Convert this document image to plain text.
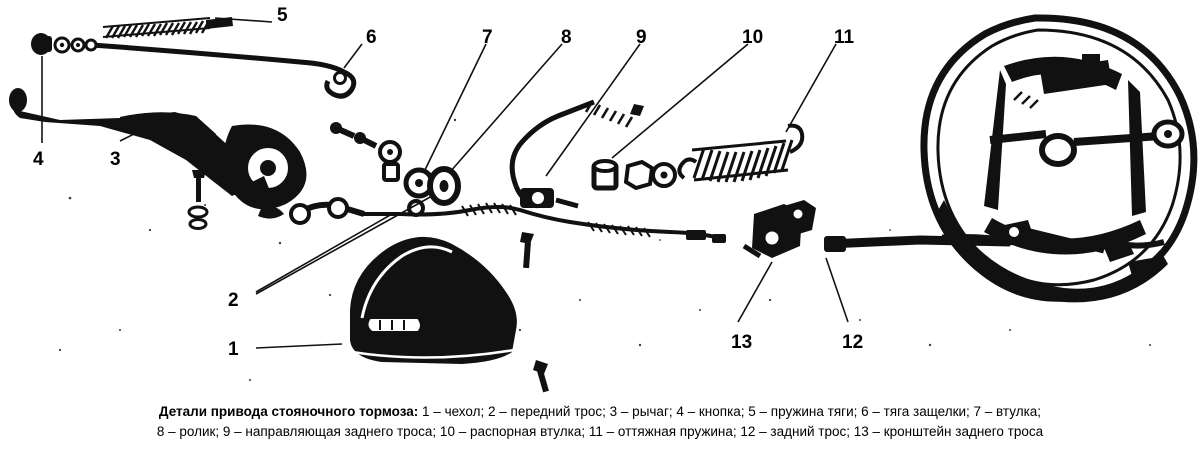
1
2
3
4
5
6	7	8	9	10	11
12
13
Детали привода стояночного тормоза: 1 – чехол; 2 – передний трос; 3 – рычаг; 4 – кнопка; 5 – пружина тяги; 6 – тяга защелки; 7 – втулка;
8 – ролик; 9 – направляющая заднего троса; 10 – распорная втулка; 11 – оттяжная пружина; 12 – задний трос; 13 – кронштейн заднего троса
